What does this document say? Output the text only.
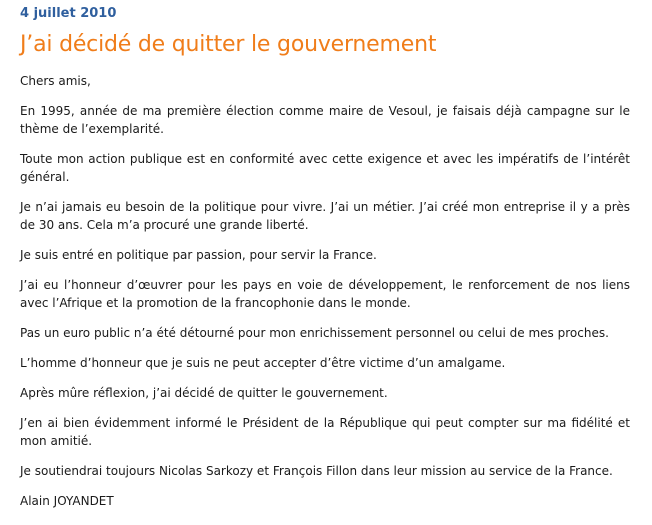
4 juillet 2010

J’ai décidé de quitter le gouvernement

Chers amis,

En 1995, année de ma première élection comme maire de Vesoul, je faisais déjà campagne sur le thème de l’exemplarité.

Toute mon action publique est en conformité avec cette exigence et avec les impératifs de l’intérêt général.

Je n’ai jamais eu besoin de la politique pour vivre. J’ai un métier. J’ai créé mon entreprise il y a près de 30 ans. Cela m’a procuré une grande liberté.

Je suis entré en politique par passion, pour servir la France.

J’ai eu l’honneur d’œuvrer pour les pays en voie de développement, le renforcement de nos liens avec l’Afrique et la promotion de la francophonie dans le monde.

Pas un euro public n’a été détourné pour mon enrichissement personnel ou celui de mes proches.

L’homme d’honneur que je suis ne peut accepter d’être victime d’un amalgame.

Après mûre réflexion, j’ai décidé de quitter le gouvernement.

J’en ai bien évidemment informé le Président de la République qui peut compter sur ma fidélité et mon amitié.

Je soutiendrai toujours Nicolas Sarkozy et François Fillon dans leur mission au service de la France.

Alain JOYANDET
